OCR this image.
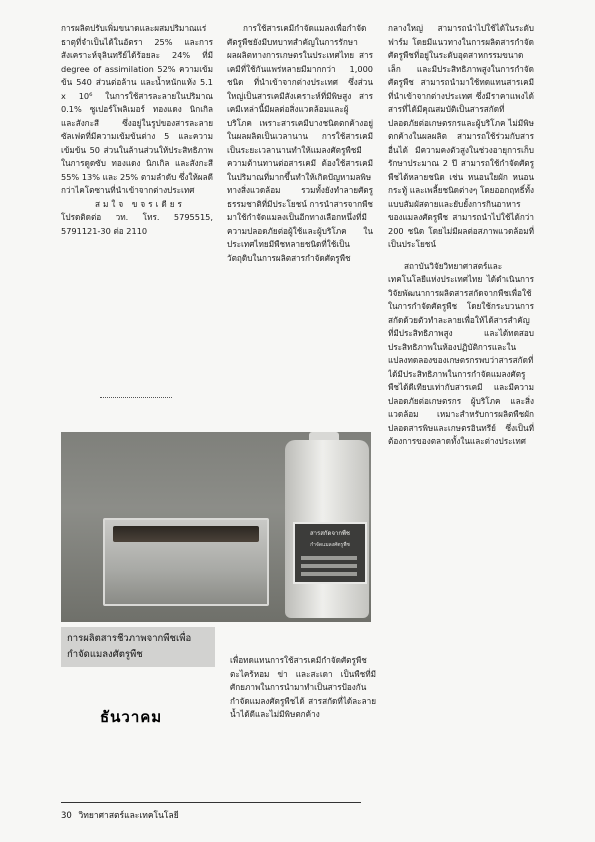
การผลิตปรับเพิ่มขนาดและผสมปริมาณแร่ธาตุที่จำเป็นได้ในอัตรา 25% และการสังเคราะห์จุลินทรีย์ได้ร้อยละ 24% ที่มี degree of assimilation 52% ความเข้มข้น 540 ส่วนต่อล้าน และน้ำหนักแห้ง 5.1 x 10⁶ ในการใช้สารละลายในปริมาณ 0.1% ซูเปอร์โพลิเมอร์ ทองแดง นิกเกิล และสังกะสี ซึ่งอยู่ในรูปของสารละลายซัลเฟตที่มีความเข้มข้นต่าง 5 และความเข้มข้น 50 ส่วนในล้านส่วนให้ประสิทธิภาพในการดูดซับ ทองแดง นิกเกิล และสังกะสี 55% 13% และ 25% ตามลำดับ ซึ่งให้ผลดีกว่าไคโตซานที่นำเข้าจากต่างประเทศ

สมใจ ขจรเดียร

โปรดติดต่อ วท. โทร. 5795515, 5791121-30 ต่อ 2110

การใช้สารเคมีกำจัดแมลงเพื่อกำจัดศัตรูพืชยังมีบทบาทสำคัญในการรักษาผลผลิตทางการเกษตรในประเทศไทย สารเคมีที่ใช้กันแพร่หลายมีมากกว่า 1,000 ชนิด ที่นำเข้าจากต่างประเทศ ซึ่งส่วนใหญ่เป็นสารเคมีสังเคราะห์ที่มีพิษสูง สารเคมีเหล่านี้มีผลต่อสิ่งแวดล้อมและผู้บริโภค เพราะสารเคมีบางชนิดตกค้างอยู่ในผลผลิตเป็นเวลานาน การใช้สารเคมีเป็นระยะเวลานานทำให้แมลงศัตรูพืชมีความต้านทานต่อสารเคมี ต้องใช้สารเคมีในปริมาณที่มากขึ้นทำให้เกิดปัญหามลพิษทางสิ่งแวดล้อม รวมทั้งยังทำลายศัตรูธรรมชาติที่มีประโยชน์ การนำสารจากพืชมาใช้กำจัดแมลงเป็นอีกทางเลือกหนึ่งที่มีความปลอดภัยต่อผู้ใช้และผู้บริโภค ในประเทศไทยมีพืชหลายชนิดที่ใช้เป็นวัตถุดิบในการผลิตสารกำจัดศัตรูพืช

สารสกัดจากพืช
กำจัดแมลงศัตรูพืช
การผลิตสารชีวภาพจากพืชเพื่อกำจัดแมลงศัตรูพืช
ธันวาคม

เพื่อทดแทนการใช้สารเคมีกำจัดศัตรูพืช ตะไคร้หอม ข่า และสะเดา เป็นพืชที่มีศักยภาพในการนำมาทำเป็นสารป้องกันกำจัดแมลงศัตรูพืชได้ สารสกัดที่ได้ละลายน้ำได้ดีและไม่มีพิษตกค้าง

กลางใหญ่ สามารถนำไปใช้ได้ในระดับฟาร์ม โดยมีแนวทางในการผลิตสารกำจัดศัตรูพืชที่อยู่ในระดับอุตสาหกรรมขนาดเล็ก และมีประสิทธิภาพสูงในการกำจัดศัตรูพืช สามารถนำมาใช้ทดแทนสารเคมีที่นำเข้าจากต่างประเทศ ซึ่งมีราคาแพงได้ สารที่ได้มีคุณสมบัติเป็นสารสกัดที่ปลอดภัยต่อเกษตรกรและผู้บริโภค ไม่มีพิษตกค้างในผลผลิต สามารถใช้ร่วมกับสารอื่นได้ มีความคงตัวสูงในช่วงอายุการเก็บรักษาประมาณ 2 ปี สามารถใช้กำจัดศัตรูพืชได้หลายชนิด เช่น หนอนใยผัก หนอนกระทู้ และเพลี้ยชนิดต่างๆ โดยออกฤทธิ์ทั้งแบบสัมผัสตายและยับยั้งการกินอาหารของแมลงศัตรูพืช สามารถนำไปใช้ได้กว่า 200 ชนิด โดยไม่มีผลต่อสภาพแวดล้อมที่เป็นประโยชน์

สถาบันวิจัยวิทยาศาสตร์และเทคโนโลยีแห่งประเทศไทย ได้ดำเนินการวิจัยพัฒนาการผลิตสารสกัดจากพืชเพื่อใช้ในการกำจัดศัตรูพืช โดยใช้กระบวนการสกัดด้วยตัวทำละลายเพื่อให้ได้สารสำคัญที่มีประสิทธิภาพสูง และได้ทดสอบประสิทธิภาพในห้องปฏิบัติการและในแปลงทดลองของเกษตรกรพบว่าสารสกัดที่ได้มีประสิทธิภาพในการกำจัดแมลงศัตรูพืชได้ดีเทียบเท่ากับสารเคมี และมีความปลอดภัยต่อเกษตรกร ผู้บริโภค และสิ่งแวดล้อม เหมาะสำหรับการผลิตพืชผักปลอดสารพิษและเกษตรอินทรีย์ ซึ่งเป็นที่ต้องการของตลาดทั้งในและต่างประเทศ

30 วิทยาศาสตร์และเทคโนโลยี
